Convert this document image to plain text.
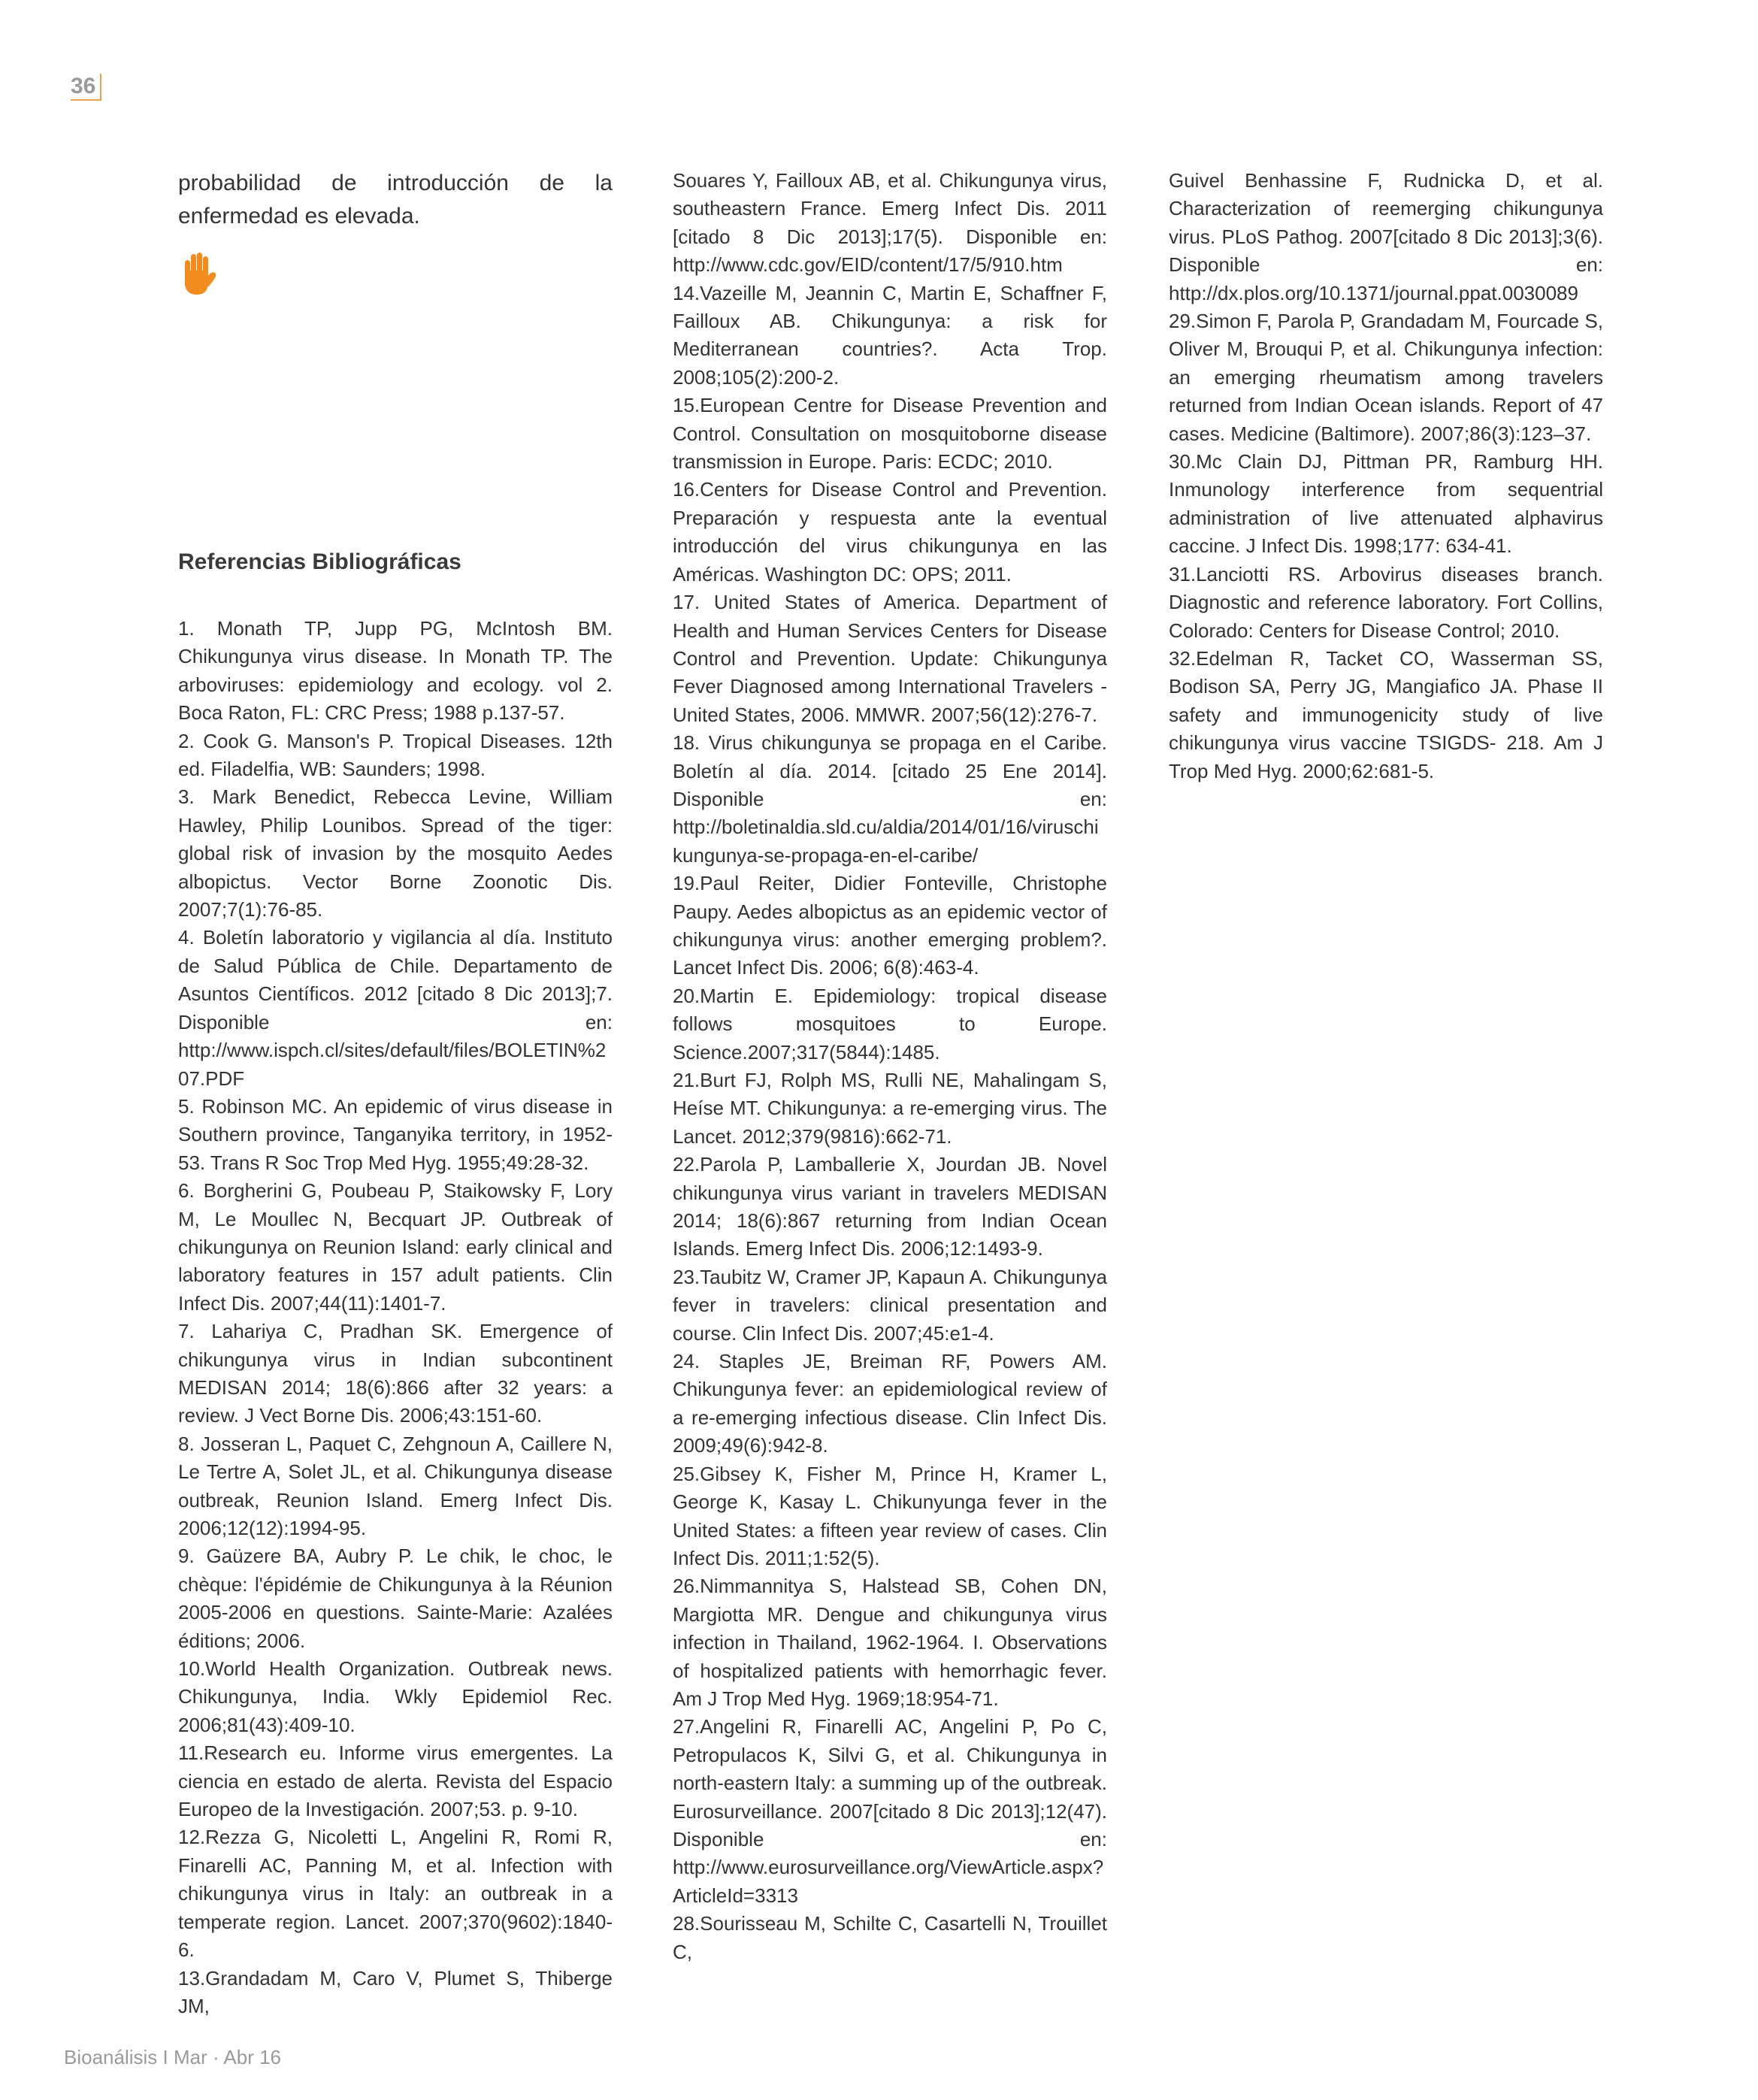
36

probabilidad de introducción de la enfermedad es elevada.

Referencias Bibliográficas

1. Monath TP, Jupp PG, McIntosh BM. Chikungunya virus disease. In Monath TP. The arboviruses: epidemiology and ecology. vol 2. Boca Raton, FL: CRC Press; 1988 p.137-57.

2. Cook G. Manson's P. Tropical Diseases. 12th ed. Filadelfia, WB: Saunders; 1998.

3. Mark Benedict, Rebecca Levine, William Hawley, Philip Lounibos. Spread of the tiger: global risk of invasion by the mosquito Aedes albopictus. Vector Borne Zoonotic Dis. 2007;7(1):76-85.

4. Boletín laboratorio y vigilancia al día. Instituto de Salud Pública de Chile. Departamento de Asuntos Científicos. 2012 [citado 8 Dic 2013];7. Disponible en: http://www.ispch.cl/sites/default/files/BOLETIN%207.PDF

5. Robinson MC. An epidemic of virus disease in Southern province, Tanganyika territory, in 1952-53. Trans R Soc Trop Med Hyg. 1955;49:28-32.

6. Borgherini G, Poubeau P, Staikowsky F, Lory M, Le Moullec N, Becquart JP. Outbreak of chikungunya on Reunion Island: early clinical and laboratory features in 157 adult patients. Clin Infect Dis. 2007;44(11):1401-7.

7. Lahariya C, Pradhan SK. Emergence of chikungunya virus in Indian subcontinent MEDISAN 2014; 18(6):866 after 32 years: a review. J Vect Borne Dis. 2006;43:151-60.

8. Josseran L, Paquet C, Zehgnoun A, Caillere N, Le Tertre A, Solet JL, et al. Chikungunya disease outbreak, Reunion Island. Emerg Infect Dis. 2006;12(12):1994-95.

9. Gaüzere BA, Aubry P. Le chik, le choc, le chèque: l'épidémie de Chikungunya à la Réunion 2005-2006 en questions. Sainte-Marie: Azalées éditions; 2006.

10.World Health Organization. Outbreak news. Chikungunya, India. Wkly Epidemiol Rec. 2006;81(43):409-10.

11.Research eu. Informe virus emergentes. La ciencia en estado de alerta. Revista del Espacio Europeo de la Investigación. 2007;53. p. 9-10.

12.Rezza G, Nicoletti L, Angelini R, Romi R, Finarelli AC, Panning M, et al. Infection with chikungunya virus in Italy: an outbreak in a temperate region. Lancet. 2007;370(9602):1840-6.

13.Grandadam M, Caro V, Plumet S, Thiberge JM,

Souares Y, Failloux AB, et al. Chikungunya virus, southeastern France. Emerg Infect Dis. 2011 [citado 8 Dic 2013];17(5). Disponible en: http://www.cdc.gov/EID/content/17/5/910.htm

14.Vazeille M, Jeannin C, Martin E, Schaffner F, Failloux AB. Chikungunya: a risk for Mediterranean countries?. Acta Trop. 2008;105(2):200-2.

15.European Centre for Disease Prevention and Control. Consultation on mosquitoborne disease transmission in Europe. Paris: ECDC; 2010.

16.Centers for Disease Control and Prevention. Preparación y respuesta ante la eventual introducción del virus chikungunya en las Américas. Washington DC: OPS; 2011.

17. United States of America. Department of Health and Human Services Centers for Disease Control and Prevention. Update: Chikungunya Fever Diagnosed among International Travelers - United States, 2006. MMWR. 2007;56(12):276-7.

18. Virus chikungunya se propaga en el Caribe. Boletín al día. 2014. [citado 25 Ene 2014]. Disponible en: http://boletinaldia.sld.cu/aldia/2014/01/16/viruschikungunya-se-propaga-en-el-caribe/

19.Paul Reiter, Didier Fonteville, Christophe Paupy. Aedes albopictus as an epidemic vector of chikungunya virus: another emerging problem?. Lancet Infect Dis. 2006; 6(8):463-4.

20.Martin E. Epidemiology: tropical disease follows mosquitoes to Europe. Science.2007;317(5844):1485.

21.Burt FJ, Rolph MS, Rulli NE, Mahalingam S, Heíse MT. Chikungunya: a re-emerging virus. The Lancet. 2012;379(9816):662-71.

22.Parola P, Lamballerie X, Jourdan JB. Novel chikungunya virus variant in travelers MEDISAN 2014; 18(6):867 returning from Indian Ocean Islands. Emerg Infect Dis. 2006;12:1493-9.

23.Taubitz W, Cramer JP, Kapaun A. Chikungunya fever in travelers: clinical presentation and course. Clin Infect Dis. 2007;45:e1-4.

24. Staples JE, Breiman RF, Powers AM. Chikungunya fever: an epidemiological review of a re-emerging infectious disease. Clin Infect Dis. 2009;49(6):942-8.

25.Gibsey K, Fisher M, Prince H, Kramer L, George K, Kasay L. Chikunyunga fever in the United States: a fifteen year review of cases. Clin Infect Dis. 2011;1:52(5).

26.Nimmannitya S, Halstead SB, Cohen DN, Margiotta MR. Dengue and chikungunya virus infection in Thailand, 1962-1964. I. Observations of hospitalized patients with hemorrhagic fever. Am J Trop Med Hyg. 1969;18:954-71.

27.Angelini R, Finarelli AC, Angelini P, Po C, Petropulacos K, Silvi G, et al. Chikungunya in north-eastern Italy: a summing up of the outbreak. Eurosurveillance. 2007[citado 8 Dic 2013];12(47). Disponible en: http://www.eurosurveillance.org/ViewArticle.aspx?ArticleId=3313

28.Sourisseau M, Schilte C, Casartelli N, Trouillet C,

Guivel Benhassine F, Rudnicka D, et al. Characterization of reemerging chikungunya virus. PLoS Pathog. 2007[citado 8 Dic 2013];3(6). Disponible en: http://dx.plos.org/10.1371/journal.ppat.0030089

29.Simon F, Parola P, Grandadam M, Fourcade S, Oliver M, Brouqui P, et al. Chikungunya infection: an emerging rheumatism among travelers returned from Indian Ocean islands. Report of 47 cases. Medicine (Baltimore). 2007;86(3):123–37.

30.Mc Clain DJ, Pittman PR, Ramburg HH. Inmunology interference from sequentrial administration of live attenuated alphavirus caccine. J Infect Dis. 1998;177: 634-41.

31.Lanciotti RS. Arbovirus diseases branch. Diagnostic and reference laboratory. Fort Collins, Colorado: Centers for Disease Control; 2010.

32.Edelman R, Tacket CO, Wasserman SS, Bodison SA, Perry JG, Mangiafico JA. Phase II safety and immunogenicity study of live chikungunya virus vaccine TSIGDS- 218. Am J Trop Med Hyg. 2000;62:681-5.

Bioanálisis I Mar · Abr 16
